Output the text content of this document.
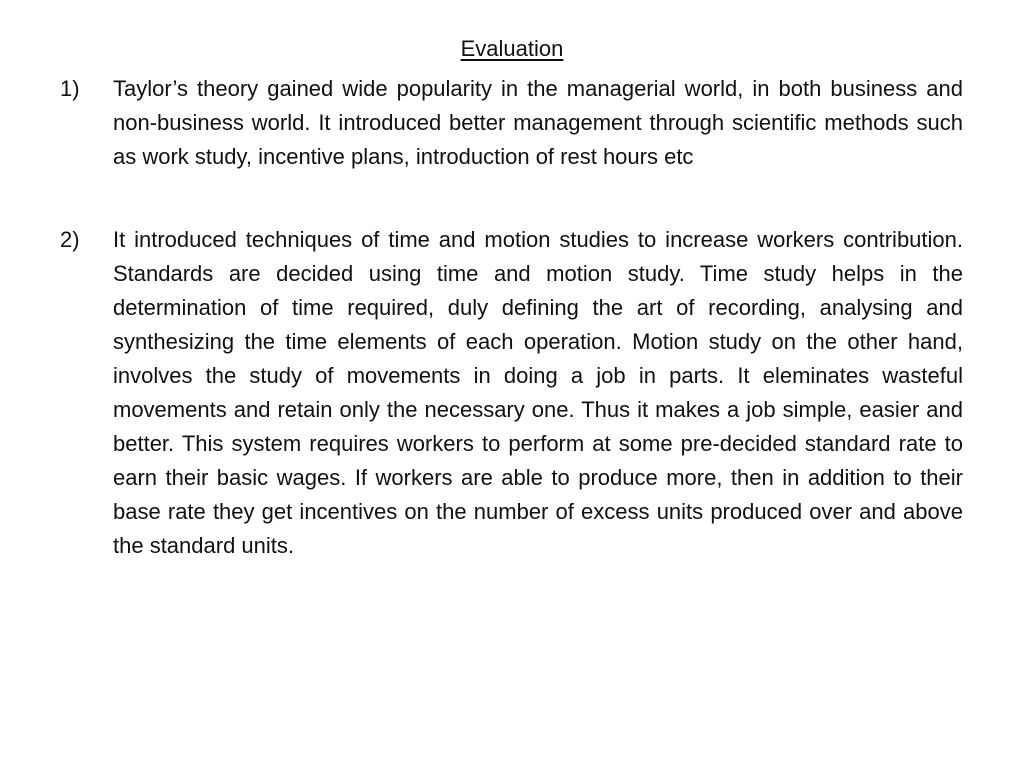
Evaluation
1) Taylor’s theory gained wide popularity in the managerial world, in both business and non-business world. It introduced better management through scientific methods such as work study, incentive plans, introduction of rest hours etc
2) It introduced techniques of time and motion studies to increase workers contribution. Standards are decided using time and motion study. Time study helps in the determination of time required, duly defining the art of recording, analysing and synthesizing the time elements of each operation. Motion study on the other hand, involves the study of movements in doing a job in parts. It eleminates wasteful movements and retain only the necessary one. Thus it makes a job simple, easier and better. This system requires workers to perform at some pre-decided standard rate to earn their basic wages. If workers are able to produce more, then in addition to their base rate they get incentives on the number of excess units produced over and above the standard units.
